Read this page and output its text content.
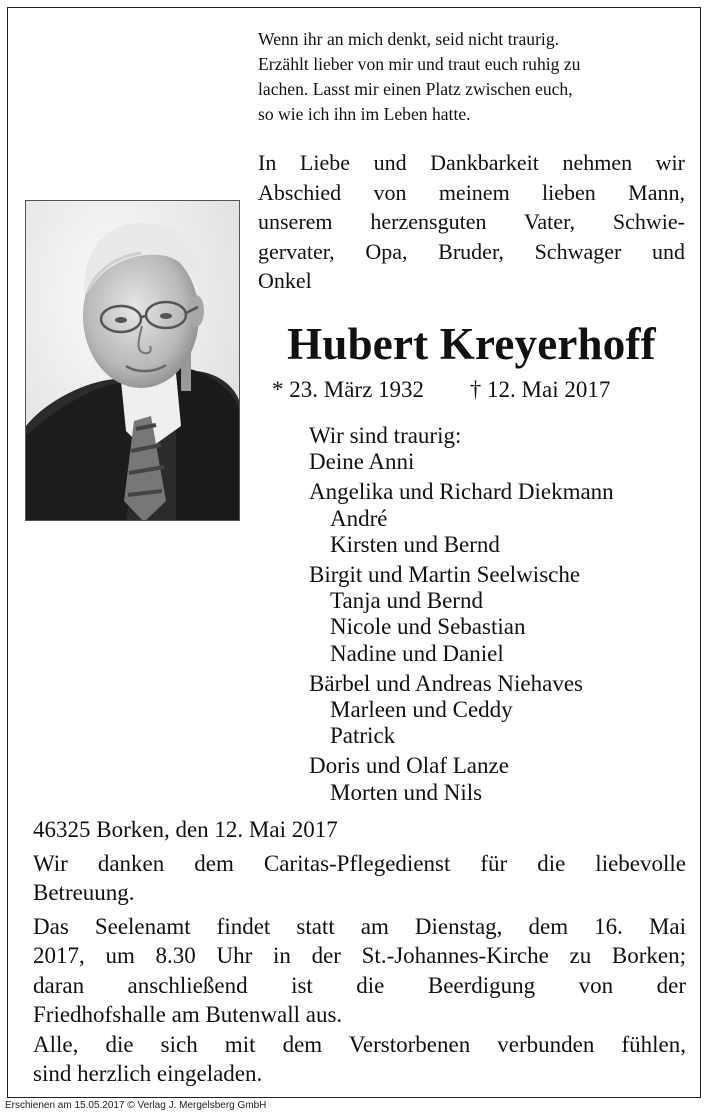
Wenn ihr an mich denkt, seid nicht traurig.
Erzählt lieber von mir und traut euch ruhig zu
lachen. Lasst mir einen Platz zwischen euch,
so wie ich ihn im Leben hatte.
In Liebe und Dankbarkeit nehmen wir
Abschied von meinem lieben Mann,
unserem herzensguten Vater, Schwie-
gervater, Opa, Bruder, Schwager und
Onkel
Hubert Kreyerhoff
* 23. März 1932 † 12. Mai 2017
Wir sind traurig:
Deine Anni
Angelika und Richard Diekmann
André
Kirsten und Bernd
Birgit und Martin Seelwische
Tanja und Bernd
Nicole und Sebastian
Nadine und Daniel
Bärbel und Andreas Niehaves
Marleen und Ceddy
Patrick
Doris und Olaf Lanze
Morten und Nils
46325 Borken, den 12. Mai 2017
Wir danken dem Caritas-Pflegedienst für die liebevolle
Betreuung.
Das Seelenamt findet statt am Dienstag, dem 16. Mai
2017, um 8.30 Uhr in der St.-Johannes-Kirche zu Borken;
daran anschließend ist die Beerdigung von der
Friedhofshalle am Butenwall aus.
Alle, die sich mit dem Verstorbenen verbunden fühlen,
sind herzlich eingeladen.
Erschienen am 15.05.2017 © Verlag J. Mergelsberg GmbH
